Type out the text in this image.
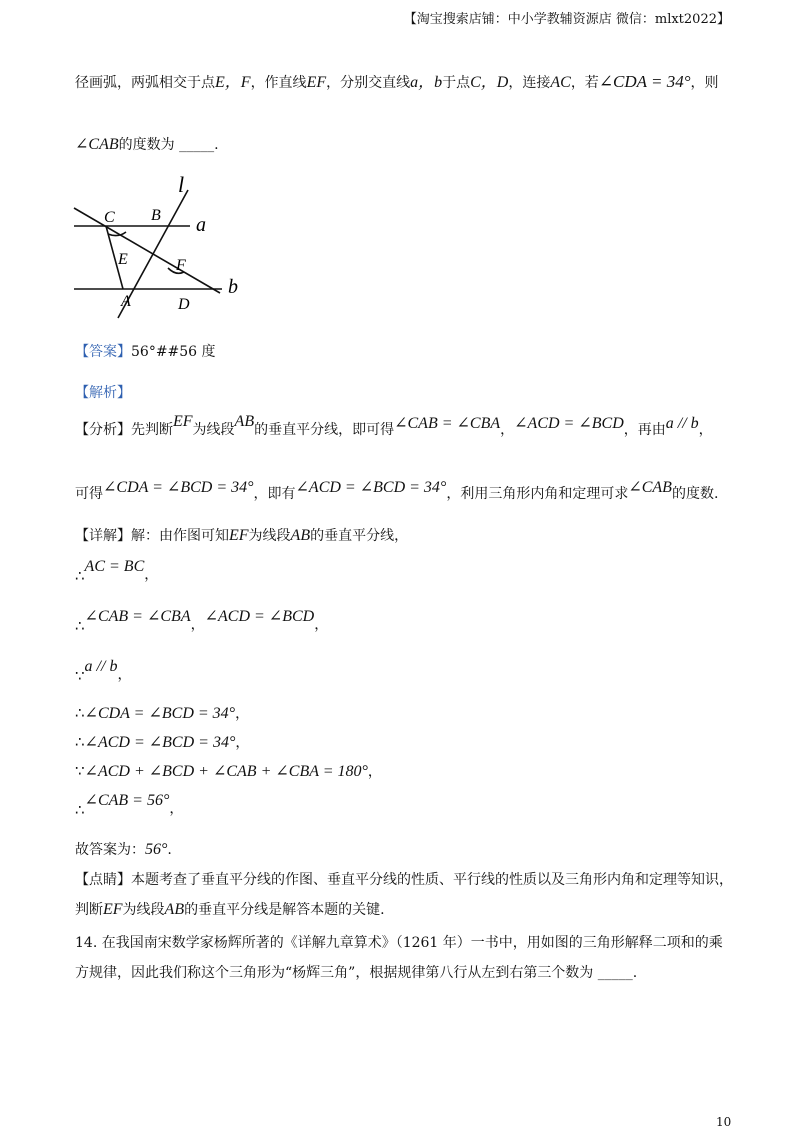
【淘宝搜索店铺：中小学教辅资源店 微信：mlxt2022】
径画弧，两弧相交于点E，F，作直线EF，分别交直线a，b于点C，D，连接AC，若∠CDA = 34°，则
∠CAB的度数为 _____.
l
a
b
C B
E	F
A	D
【答案】56°##56 度
【解析】
【分析】先判断EF为线段AB的垂直平分线，即可得∠CAB = ∠CBA，∠ACD = ∠BCD，再由a // b，
可得∠CDA = ∠BCD = 34°，即有∠ACD = ∠BCD = 34°，利用三角形内角和定理可求∠CAB的度数.
【详解】解：由作图可知EF为线段AB的垂直平分线，
∴AC = BC，
∴∠CAB = ∠CBA，∠ACD = ∠BCD，
∵a // b，
∴∠CDA = ∠BCD = 34°，
∴∠ACD = ∠BCD = 34°，
∵∠ACD + ∠BCD + ∠CAB + ∠CBA = 180°，
∴∠CAB = 56°，
故答案为：56°.
【点睛】本题考查了垂直平分线的作图、垂直平分线的性质、平行线的性质以及三角形内角和定理等知识，
判断EF为线段AB的垂直平分线是解答本题的关键.
14. 在我国南宋数学家杨辉所著的《详解九章算术》（1261 年）一书中，用如图的三角形解释二项和的乘
方规律，因此我们称这个三角形为“杨辉三角”，根据规律第八行从左到右第三个数为 _____.
10
